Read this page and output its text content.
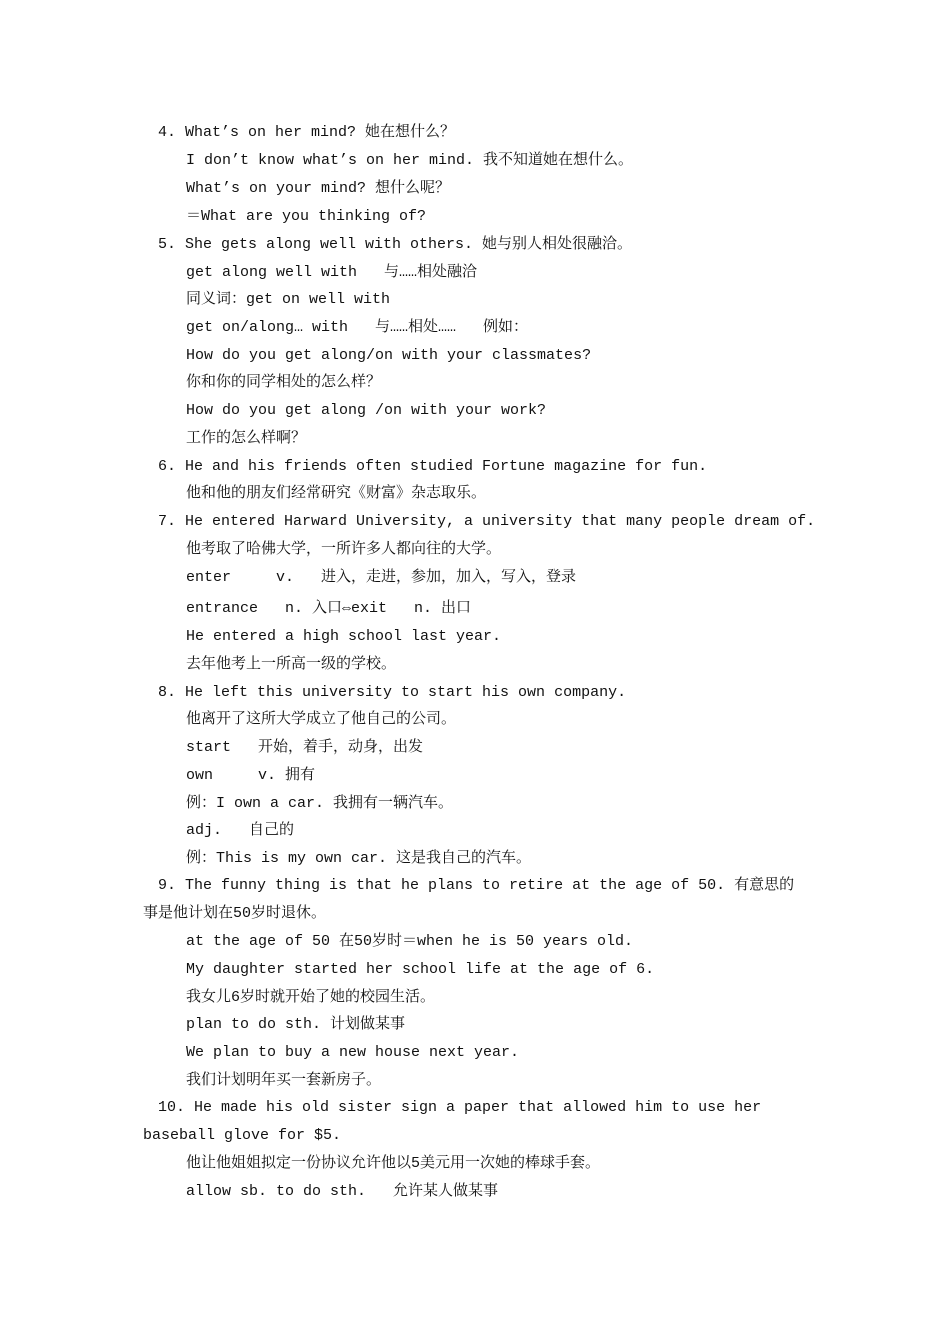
4. What’s on her mind? 她在想什么？
I don’t know what’s on her mind. 我不知道她在想什么。
What’s on your mind? 想什么呢？
＝What are you thinking of?
5. She gets along well with others. 她与别人相处很融洽。
get along well with   与……相处融洽
同义词：get on well with
get on/along… with   与……相处……   例如：
How do you get along/on with your classmates?
你和你的同学相处的怎么样？
How do you get along /on with your work?
工作的怎么样啊？
6. He and his friends often studied Fortune magazine for fun.
他和他的朋友们经常研究《财富》杂志取乐。
7. He entered Harward University, a university that many people dream of.
他考取了哈佛大学，一所许多人都向往的大学。
enter     v.   进入，走进，参加，加入，写入，登录
entrance   n. 入口⇔exit   n. 出口
He entered a high school last year.
去年他考上一所高一级的学校。
8. He left this university to start his own company.
他离开了这所大学成立了他自己的公司。
start   开始，着手，动身，出发
own     v. 拥有
例：I own a car. 我拥有一辆汽车。
adj.   自己的
例：This is my own car. 这是我自己的汽车。
9. The funny thing is that he plans to retire at the age of 50. 有意思的事是他计划在50岁时退休。
at the age of 50 在50岁时＝when he is 50 years old.
My daughter started her school life at the age of 6.
我女儿6岁时就开始了她的校园生活。
plan to do sth. 计划做某事
We plan to buy a new house next year.
我们计划明年买一套新房子。
10. He made his old sister sign a paper that allowed him to use her baseball glove for $5.
他让他姐姐拟定一份协议允许他以5美元用一次她的棒球手套。
allow sb. to do sth.   允许某人做某事
